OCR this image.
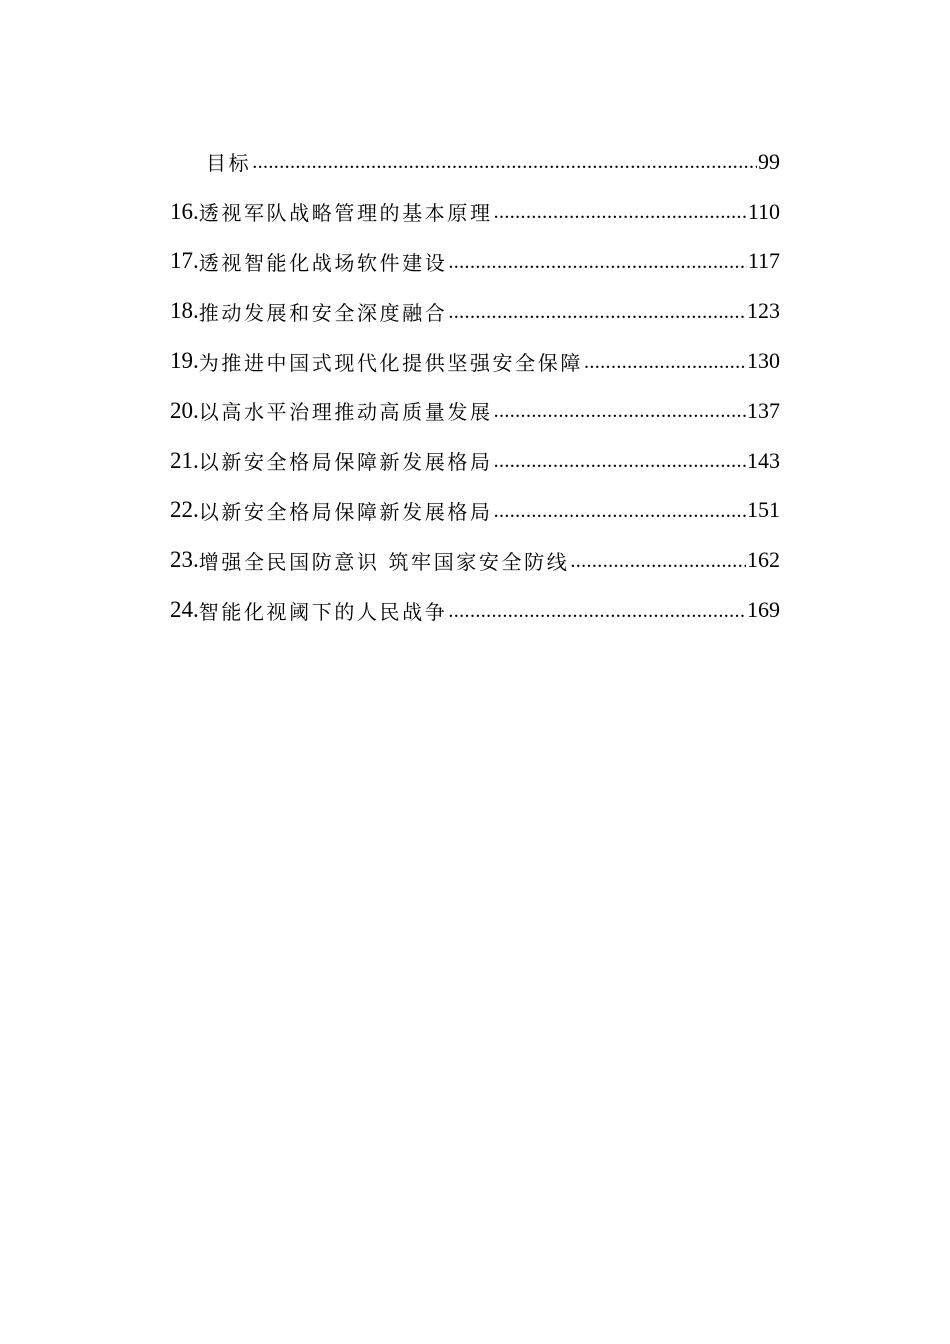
目标 .....	99
16. 透视军队战略管理的基本原理 .....	110
17. 透视智能化战场软件建设 .....	117
18. 推动发展和安全深度融合 .....	123
19. 为推进中国式现代化提供坚强安全保障 .....	130
20. 以高水平治理推动高质量发展 .....	137
21. 以新安全格局保障新发展格局 .....	143
22. 以新安全格局保障新发展格局 .....	151
23. 增强全民国防意识 筑牢国家安全防线 .....	162
24. 智能化视阈下的人民战争 .....	169
